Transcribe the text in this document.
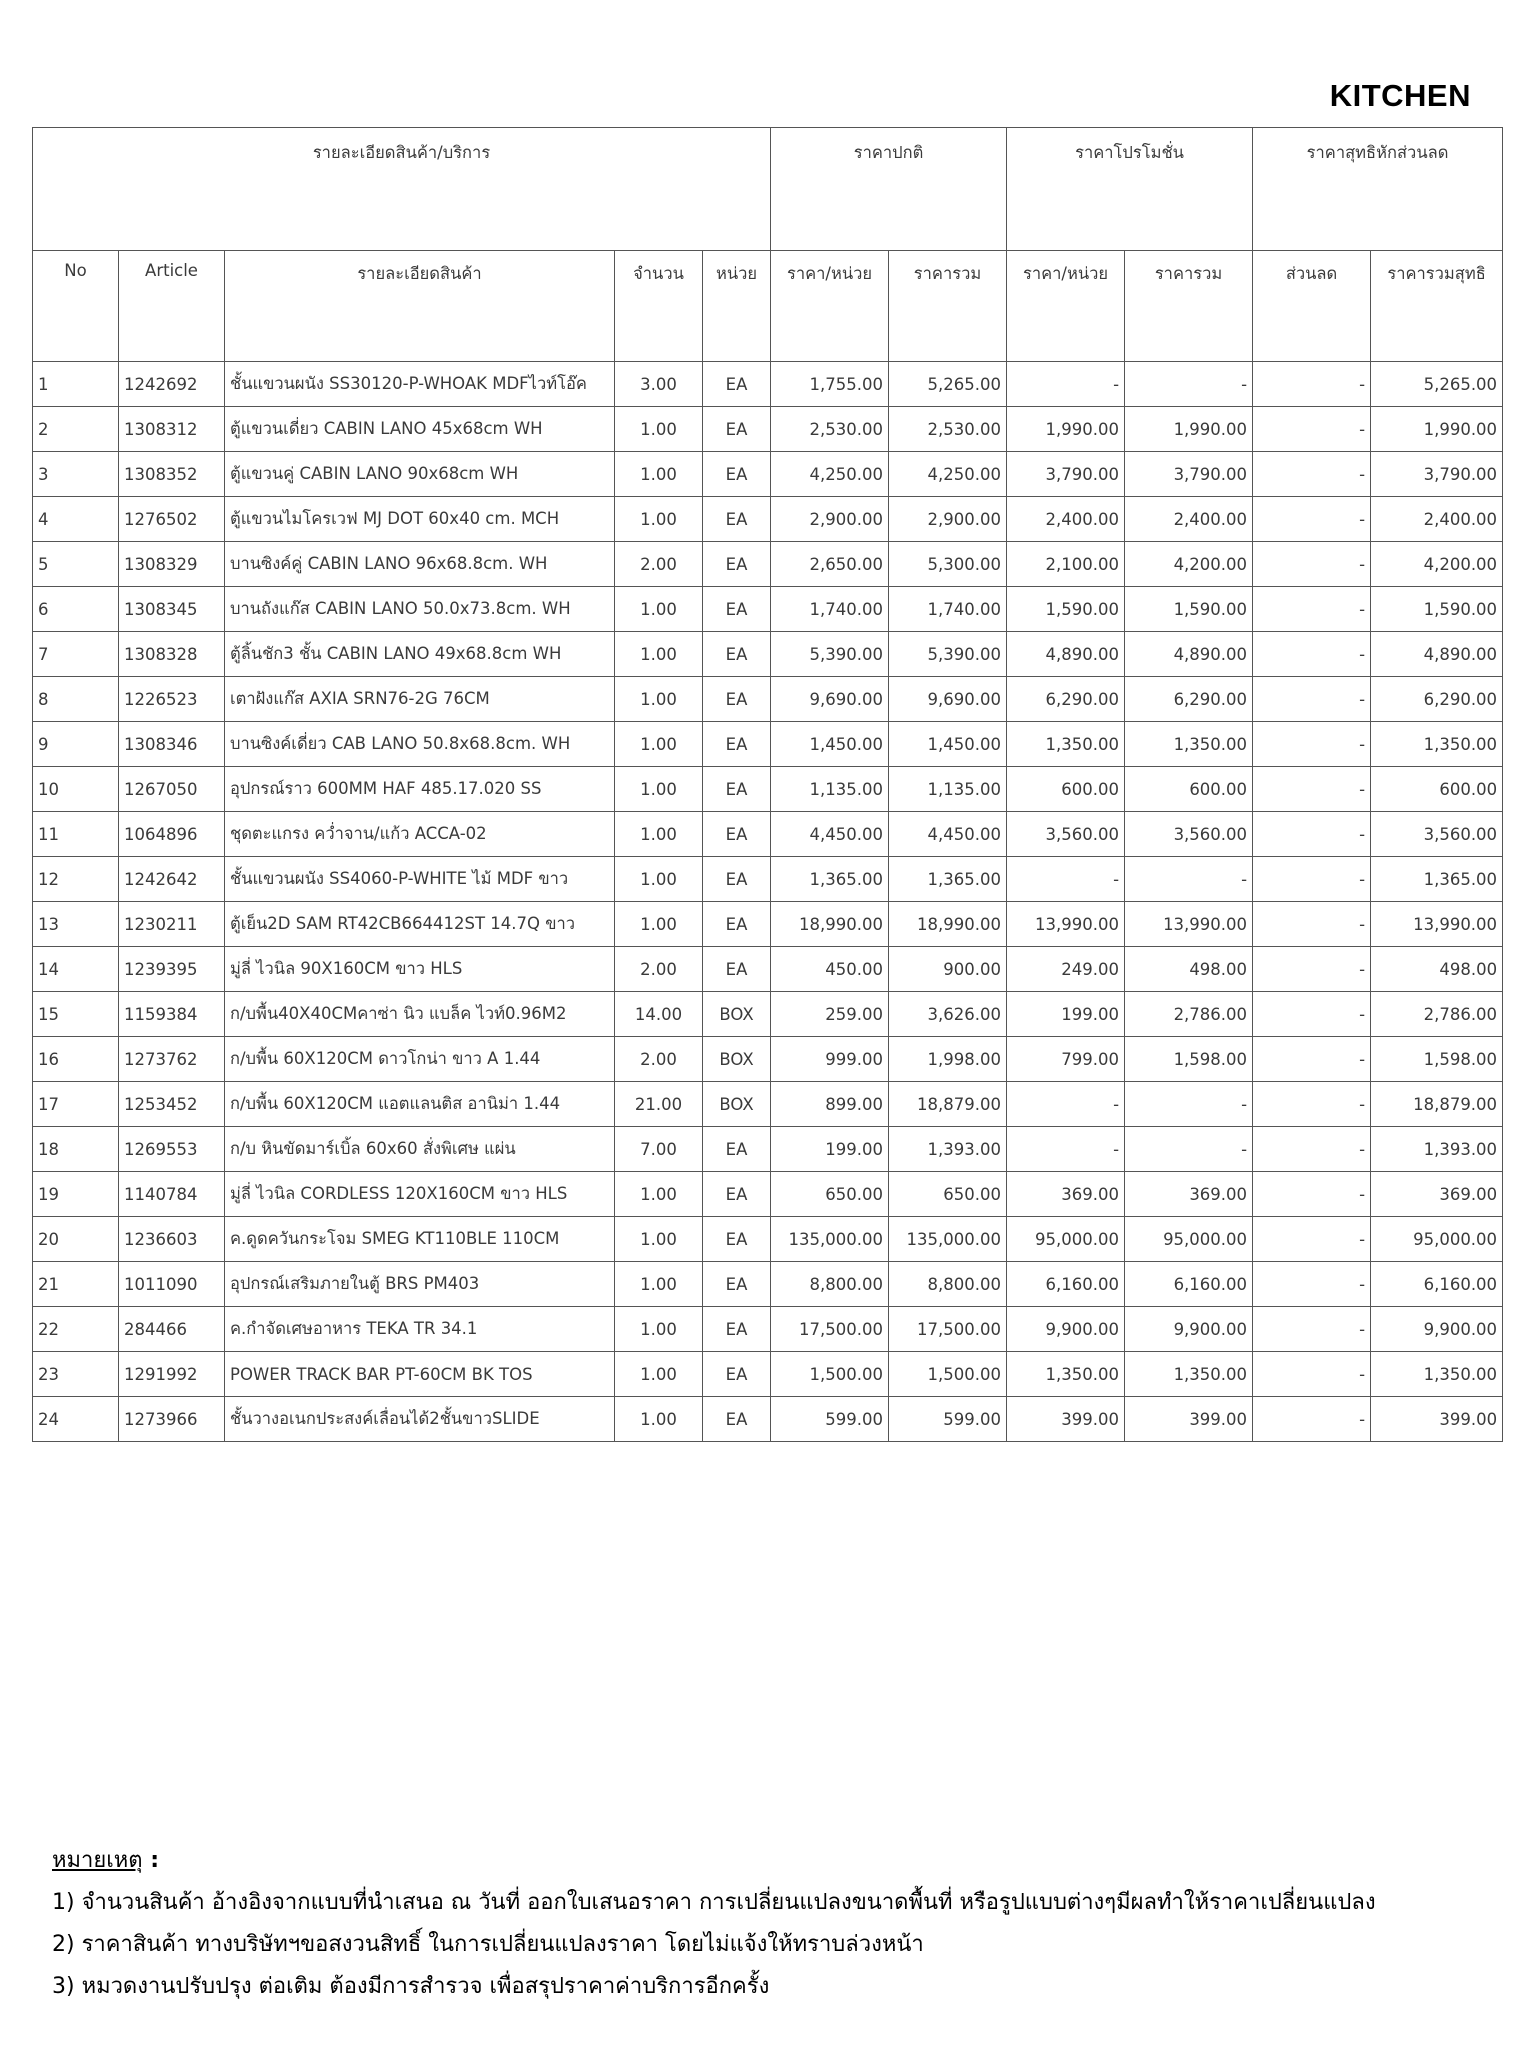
KITCHEN
รายละเอียดสินค้า/บริการ					ราคาปกติ		ราคาโปรโมชั่น		ราคาสุทธิหักส่วนลด	
No	Article	รายละเอียดสินค้า	จำนวน	หน่วย	ราคา/หน่วย	ราคารวม	ราคา/หน่วย	ราคารวม	ส่วนลด	ราคารวมสุทธิ
1	1242692	ชั้นแขวนผนัง SS30120-P-WHOAK MDFไวท์โอ๊ค	3.00	EA	1,755.00	5,265.00	-	-	-	5,265.00
2	1308312	ตู้แขวนเดี่ยว CABIN LANO 45x68cm WH	1.00	EA	2,530.00	2,530.00	1,990.00	1,990.00	-	1,990.00
3	1308352	ตู้แขวนคู่ CABIN LANO 90x68cm WH	1.00	EA	4,250.00	4,250.00	3,790.00	3,790.00	-	3,790.00
4	1276502	ตู้แขวนไมโครเวฟ MJ DOT 60x40 cm. MCH	1.00	EA	2,900.00	2,900.00	2,400.00	2,400.00	-	2,400.00
5	1308329	บานซิงค์คู่ CABIN LANO 96x68.8cm. WH	2.00	EA	2,650.00	5,300.00	2,100.00	4,200.00	-	4,200.00
6	1308345	บานถังแก๊ส CABIN LANO 50.0x73.8cm. WH	1.00	EA	1,740.00	1,740.00	1,590.00	1,590.00	-	1,590.00
7	1308328	ตู้ลิ้นชัก3 ชั้น CABIN LANO 49x68.8cm WH	1.00	EA	5,390.00	5,390.00	4,890.00	4,890.00	-	4,890.00
8	1226523	เตาฝังแก๊ส AXIA SRN76-2G 76CM	1.00	EA	9,690.00	9,690.00	6,290.00	6,290.00	-	6,290.00
9	1308346	บานซิงค์เดี่ยว CAB LANO 50.8x68.8cm. WH	1.00	EA	1,450.00	1,450.00	1,350.00	1,350.00	-	1,350.00
10	1267050	อุปกรณ์ราว 600MM HAF 485.17.020 SS	1.00	EA	1,135.00	1,135.00	600.00	600.00	-	600.00
11	1064896	ชุดตะแกรง คว่ำจาน/แก้ว ACCA-02	1.00	EA	4,450.00	4,450.00	3,560.00	3,560.00	-	3,560.00
12	1242642	ชั้นแขวนผนัง SS4060-P-WHITE ไม้ MDF ขาว	1.00	EA	1,365.00	1,365.00	-	-	-	1,365.00
13	1230211	ตู้เย็น2D SAM RT42CB664412ST 14.7Q ขาว	1.00	EA	18,990.00	18,990.00	13,990.00	13,990.00	-	13,990.00
14	1239395	มู่ลี่ ไวนิล 90X160CM ขาว HLS	2.00	EA	450.00	900.00	249.00	498.00	-	498.00
15	1159384	ก/บพื้น40X40CMคาซ่า นิว แบล็ค ไวท์0.96M2	14.00	BOX	259.00	3,626.00	199.00	2,786.00	-	2,786.00
16	1273762	ก/บพื้น 60X120CM ดาวโกน่า ขาว A 1.44	2.00	BOX	999.00	1,998.00	799.00	1,598.00	-	1,598.00
17	1253452	ก/บพื้น 60X120CM แอตแลนติส อานิม่า 1.44	21.00	BOX	899.00	18,879.00	-	-	-	18,879.00
18	1269553	ก/บ หินขัดมาร์เบิ้ล 60x60 สั่งพิเศษ แผ่น	7.00	EA	199.00	1,393.00	-	-	-	1,393.00
19	1140784	มู่ลี่ ไวนิล CORDLESS 120X160CM ขาว HLS	1.00	EA	650.00	650.00	369.00	369.00	-	369.00
20	1236603	ค.ดูดควันกระโจม SMEG KT110BLE 110CM	1.00	EA	135,000.00	135,000.00	95,000.00	95,000.00	-	95,000.00
21	1011090	อุปกรณ์เสริมภายในตู้ BRS PM403	1.00	EA	8,800.00	8,800.00	6,160.00	6,160.00	-	6,160.00
22	284466	ค.กำจัดเศษอาหาร TEKA TR 34.1	1.00	EA	17,500.00	17,500.00	9,900.00	9,900.00	-	9,900.00
23	1291992	POWER TRACK BAR PT-60CM BK TOS	1.00	EA	1,500.00	1,500.00	1,350.00	1,350.00	-	1,350.00
24	1273966	ชั้นวางอเนกประสงค์เลื่อนได้2ชั้นขาวSLIDE	1.00	EA	599.00	599.00	399.00	399.00	-	399.00
หมายเหตุ :
1) จำนวนสินค้า อ้างอิงจากแบบที่นำเสนอ ณ วันที่ ออกใบเสนอราคา การเปลี่ยนแปลงขนาดพื้นที่ หรือรูปแบบต่างๆมีผลทำให้ราคาเปลี่ยนแปลง
2) ราคาสินค้า ทางบริษัทฯขอสงวนสิทธิ์ ในการเปลี่ยนแปลงราคา โดยไม่แจ้งให้ทราบล่วงหน้า
3) หมวดงานปรับปรุง ต่อเติม ต้องมีการสำรวจ เพื่อสรุปราคาค่าบริการอีกครั้ง
